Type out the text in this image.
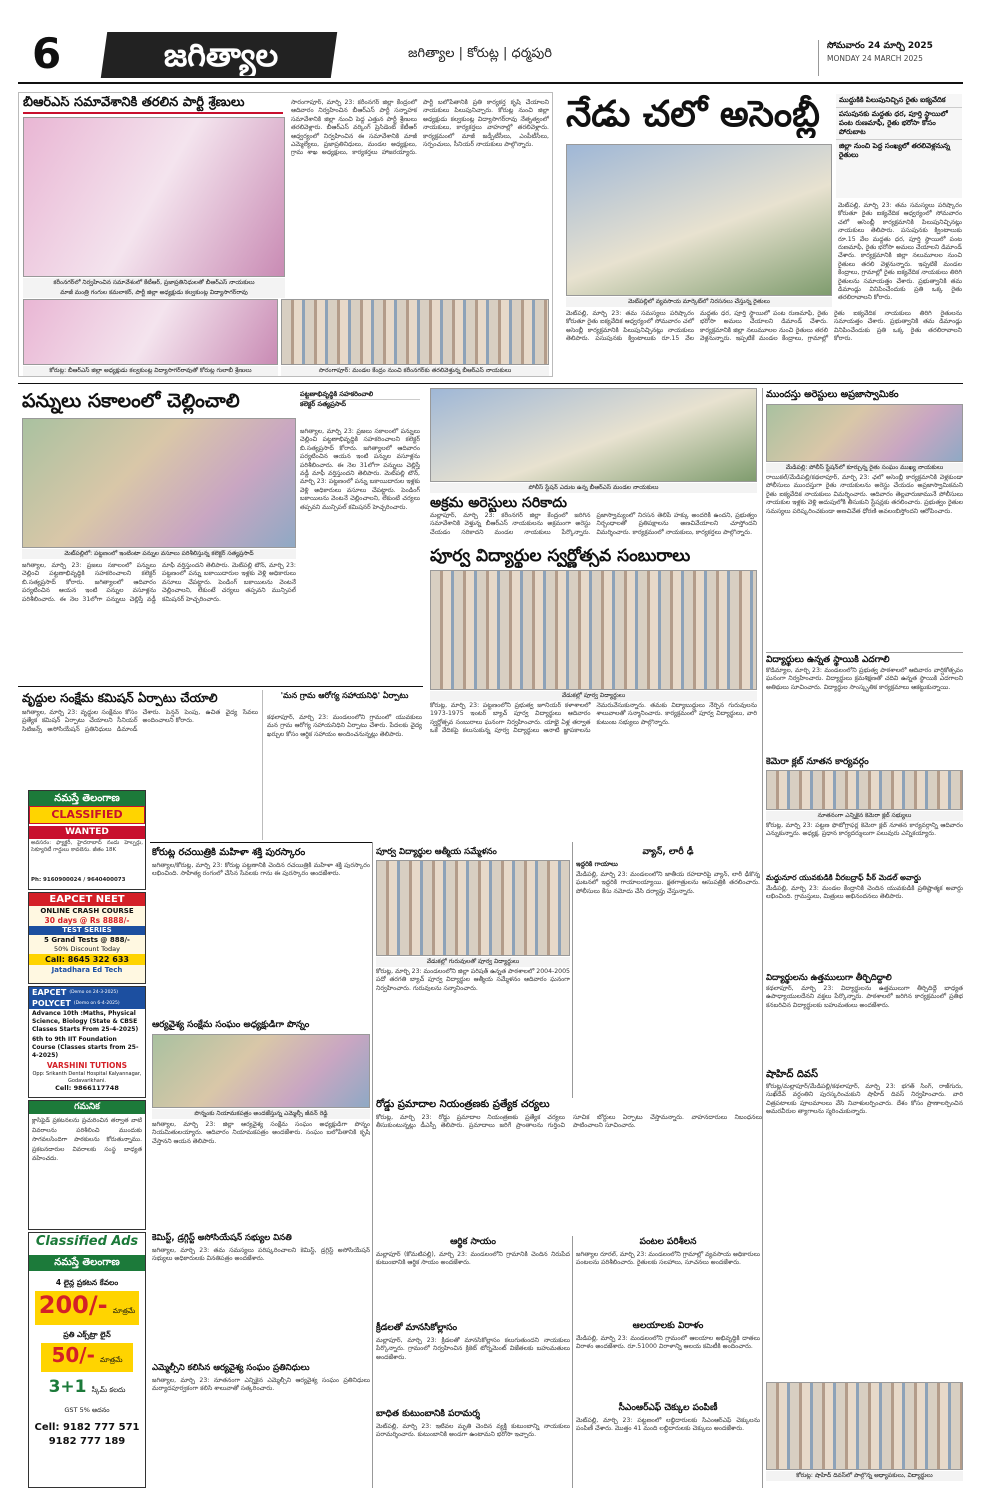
6	జగిత్యాల	జగిత్యాల | కోరుట్ల | ధర్మపురి	సోమవారం 24 మార్చి 2025
MONDAY 24 MARCH 2025
బీఆర్ఎస్ సమావేశానికి తరలిన పార్టీ శ్రేణులు
కరీంనగర్‌లో నిర్వహించిన సమావేశంలో కేటీఆర్, ప్రజాప్రతినిధులతో బీఆర్ఎస్ నాయకులు
మాజీ మంత్రి గంగుల కమలాకర్, పార్టీ జిల్లా అధ్యక్షుడు కల్వకుంట్ల విద్యాసాగర్‌రావు
కోరుట్ల: బీఆర్ఎస్ జిల్లా అధ్యక్షుడు కల్వకుంట్ల విద్యాసాగర్‌రావుతో కోరుట్ల గులాబీ శ్రేణులు	సారంగాపూర్: మండల కేంద్రం నుంచి కరీంనగర్‌కు తరలివెళ్తున్న బీఆర్ఎస్ నాయకులు
సారంగాపూర్, మార్చి 23: కరీంనగర్ జిల్లా కేంద్రంలో ఆదివారం నిర్వహించిన బీఆర్ఎస్ పార్టీ సన్నాహక సమావేశానికి జిల్లా నుంచి పెద్ద ఎత్తున పార్టీ శ్రేణులు తరలివెళ్లారు. బీఆర్ఎస్ వర్కింగ్ ప్రెసిడెంట్ కేటీఆర్ ఆధ్వర్యంలో నిర్వహించిన ఈ సమావేశానికి మాజీ ఎమ్మెల్యేలు, ప్రజాప్రతినిధులు, మండల అధ్యక్షులు, గ్రామ శాఖ అధ్యక్షులు, కార్యకర్తలు హాజరయ్యారు. పార్టీ బలోపేతానికి ప్రతి కార్యకర్త కృషి చేయాలని నాయకులు పిలుపునిచ్చారు. కోరుట్ల నుంచి జిల్లా అధ్యక్షుడు కల్వకుంట్ల విద్యాసాగర్‌రావు నేతృత్వంలో నాయకులు, కార్యకర్తలు వాహనాల్లో తరలివెళ్లారు. కార్యక్రమంలో మాజీ జడ్పీటీసీలు, ఎంపీటీసీలు, సర్పంచులు, సీనియర్ నాయకులు పాల్గొన్నారు.
నేడు చలో అసెంబ్లీ	ముద్దుకికి పిలుపునిచ్చిన రైతు ఐక్యవేదిక
పసుపునకు మద్దతు ధర, పూర్తి స్థాయిలో పంట రుణమాఫీ, రైతు భరోసా కోసం పోరుబాట
జిల్లా నుంచి పెద్ద సంఖ్యలో తరలివెళ్లనున్న రైతులు
మెట్‌పల్లిలో వ్యవసాయ మార్కెట్‌లో నిరసనలు చేస్తున్న రైతులు
మెట్‌పల్లి, మార్చి 23: తమ సమస్యలు పరిష్కారం కోరుతూ రైతు ఐక్యవేదిక ఆధ్వర్యంలో సోమవారం చలో అసెంబ్లీ కార్యక్రమానికి పిలుపునిచ్చినట్లు నాయకులు తెలిపారు. పసుపునకు క్వింటాలుకు రూ.15 వేల మద్దతు ధర, పూర్తి స్థాయిలో పంట రుణమాఫీ, రైతు భరోసా అమలు చేయాలని డిమాండ్ చేశారు. కార్యక్రమానికి జిల్లా నలుమూలల నుంచి రైతులు తరలి వెళ్లనున్నారు. ఇప్పటికే మండల కేంద్రాలు, గ్రామాల్లో రైతు ఐక్యవేదిక నాయకులు తిరిగి రైతులను సమాయత్తం చేశారు. ప్రభుత్వానికి తమ డిమాండ్లు వినిపించేందుకు ప్రతి ఒక్క రైతు తరలిరావాలని కోరారు.
మెట్‌పల్లి, మార్చి 23: తమ సమస్యలు పరిష్కారం కోరుతూ రైతు ఐక్యవేదిక ఆధ్వర్యంలో సోమవారం చలో అసెంబ్లీ కార్యక్రమానికి పిలుపునిచ్చినట్లు నాయకులు తెలిపారు. పసుపునకు క్వింటాలుకు రూ.15 వేల మద్దతు ధర, పూర్తి స్థాయిలో పంట రుణమాఫీ, రైతు భరోసా అమలు చేయాలని డిమాండ్ చేశారు. కార్యక్రమానికి జిల్లా నలుమూలల నుంచి రైతులు తరలి వెళ్లనున్నారు. ఇప్పటికే మండల కేంద్రాలు, గ్రామాల్లో రైతు ఐక్యవేదిక నాయకులు తిరిగి రైతులను సమాయత్తం చేశారు. ప్రభుత్వానికి తమ డిమాండ్లు వినిపించేందుకు ప్రతి ఒక్క రైతు తరలిరావాలని కోరారు.
పన్నులు సకాలంలో చెల్లించాలి	పట్టణాభివృద్ధికి సహకరించాలి
కలెక్టర్ సత్యప్రసాద్
మెట్‌పల్లిలో: పట్టణంలో ఇంటింటా పన్నుల వసూలు పరిశీలిస్తున్న కలెక్టర్ సత్యప్రసాద్
జగిత్యాల, మార్చి 23: ప్రజలు సకాలంలో పన్నులు చెల్లించి పట్టణాభివృద్ధికి సహకరించాలని కలెక్టర్ బి.సత్యప్రసాద్ కోరారు. జగిత్యాలలో ఆదివారం పర్యటించిన ఆయన ఇంటి పన్నుల వసూళ్లను పరిశీలించారు. ఈ నెల 31లోగా పన్నులు చెల్లిస్తే వడ్డీ మాఫీ వర్తిస్తుందని తెలిపారు. మెట్‌పల్లి టౌన్, మార్చి 23: పట్టణంలో పన్ను బకాయిదారుల ఇళ్లకు వెళ్లి అధికారులు వసూలు చేపట్టారు. పెండింగ్ బకాయిలను వెంటనే చెల్లించాలని, లేకుంటే చర్యలు తప్పవని మున్సిపల్ కమిషనర్ హెచ్చరించారు.
జగిత్యాల, మార్చి 23: ప్రజలు సకాలంలో పన్నులు చెల్లించి పట్టణాభివృద్ధికి సహకరించాలని కలెక్టర్ బి.సత్యప్రసాద్ కోరారు. జగిత్యాలలో ఆదివారం పర్యటించిన ఆయన ఇంటి పన్నుల వసూళ్లను పరిశీలించారు. ఈ నెల 31లోగా పన్నులు చెల్లిస్తే వడ్డీ మాఫీ వర్తిస్తుందని తెలిపారు. మెట్‌పల్లి టౌన్, మార్చి 23: పట్టణంలో పన్ను బకాయిదారుల ఇళ్లకు వెళ్లి అధికారులు వసూలు చేపట్టారు. పెండింగ్ బకాయిలను వెంటనే చెల్లించాలని, లేకుంటే చర్యలు తప్పవని మున్సిపల్ కమిషనర్ హెచ్చరించారు.
పోలీస్ స్టేషన్ ఎదుట ఉన్న బీఆర్ఎస్ మండల నాయకులు
అక్రమ అరెస్టులు సరికాదు
మల్లాపూర్, మార్చి 23: కరీంనగర్ జిల్లా కేంద్రంలో జరిగిన సమావేశానికి వెళ్తున్న బీఆర్ఎస్ నాయకులను అక్రమంగా అరెస్టు చేయడం సరికాదని మండల నాయకులు పేర్కొన్నారు. ప్రజాస్వామ్యంలో నిరసన తెలిపే హక్కు అందరికీ ఉందని, ప్రభుత్వం నిర్బంధాలతో ప్రతిపక్షాలను అణచివేయాలని చూస్తోందని విమర్శించారు. కార్యక్రమంలో నాయకులు, కార్యకర్తలు పాల్గొన్నారు.
పూర్వ విద్యార్థుల స్వర్ణోత్సవ సంబురాలు
వేడుకల్లో పూర్వ విద్యార్థులు
కోరుట్ల, మార్చి 23: పట్టణంలోని ప్రభుత్వ జూనియర్ కళాశాలలో 1973-1975 ఇంటర్ బ్యాచ్ పూర్వ విద్యార్థులు ఆదివారం స్వర్ణోత్సవ సంబురాలు ఘనంగా నిర్వహించారు. యాభై ఏళ్ల తర్వాత ఒకే వేదికపై కలుసుకున్న పూర్వ విద్యార్థులు ఆనాటి జ్ఞాపకాలను నెమరువేసుకున్నారు. తమకు విద్యాబుద్ధులు నేర్పిన గురువులను శాలువాలతో సన్మానించారు. కార్యక్రమంలో పూర్వ విద్యార్థులు, వారి కుటుంబ సభ్యులు పాల్గొన్నారు.
ముందస్తు అరెస్టులు అప్రజాస్వామికం
మేడిపల్లి: పోలీస్ స్టేషన్‌లో కూర్చున్న రైతు సంఘం ముఖ్య నాయకులు
రాయికల్/మేడిపల్లి/కథలాపూర్, మార్చి 23: ఛలో అసెంబ్లీ కార్యక్రమానికి వెళ్లకుండా పోలీసులు ముందస్తుగా రైతు నాయకులను అరెస్టు చేయడం అప్రజాస్వామికమని రైతు ఐక్యవేదిక నాయకులు విమర్శించారు. ఆదివారం తెల్లవారుజామునే పోలీసులు నాయకుల ఇళ్లకు వెళ్లి అదుపులోకి తీసుకుని స్టేషన్లకు తరలించారు. ప్రభుత్వం రైతుల సమస్యలు పరిష్కరించకుండా అణచివేత ధోరణి అవలంబిస్తోందని ఆరోపించారు.
విద్యార్థులు ఉన్నత స్థాయికి ఎదగాలి
కొడిమ్యాల, మార్చి 23: మండలంలోని ప్రభుత్వ పాఠశాలలో ఆదివారం వార్షికోత్సవం ఘనంగా నిర్వహించారు. విద్యార్థులు క్రమశిక్షణతో చదివి ఉన్నత స్థాయికి ఎదగాలని అతిథులు సూచించారు. విద్యార్థుల సాంస్కృతిక కార్యక్రమాలు ఆకట్టుకున్నాయి.
కెమెరా క్లబ్ నూతన కార్యవర్గం
నూతనంగా ఎన్నికైన కెమెరా క్లబ్ సభ్యులు
కోరుట్ల, మార్చి 23: పట్టణ ఫొటోగ్రాఫర్ల కెమెరా క్లబ్ నూతన కార్యవర్గాన్ని ఆదివారం ఎన్నుకున్నారు. అధ్యక్ష, ప్రధాన కార్యదర్శులుగా పలువురు ఎన్నికయ్యారు.
మద్దునూర యువకుడికి వీరబద్రాఫ్ పీఠ్ మెడల్ అవార్డు
మేడిపల్లి, మార్చి 23: మండల కేంద్రానికి చెందిన యువకుడికి ప్రతిష్టాత్మక అవార్డు లభించింది. గ్రామస్తులు, మిత్రులు అభినందనలు తెలిపారు.
విద్యార్థులను ఉత్తములుగా తీర్చిదిద్దాలి
కథలాపూర్, మార్చి 23: విద్యార్థులను ఉత్తములుగా తీర్చిదిద్దే బాధ్యత ఉపాధ్యాయులదేనని వక్తలు పేర్కొన్నారు. పాఠశాలలో జరిగిన కార్యక్రమంలో ప్రతిభ కనబరిచిన విద్యార్థులకు బహుమతులు అందజేశారు.
షాహిద్ దివస్
కోరుట్ల/మల్లాపూర్/మేడిపల్లి/కథలాపూర్, మార్చి 23: భగత్ సింగ్, రాజ్‌గురు, సుఖ్‌దేవ్ వర్ధంతిని పురస్కరించుకుని షాహిద్ దివస్ నిర్వహించారు. వారి చిత్రపటాలకు పూలమాలలు వేసి నివాళులర్పించారు. దేశం కోసం ప్రాణాలర్పించిన అమరవీరుల త్యాగాలను స్మరించుకున్నారు.
కోరుట్ల: షాహిద్ దివస్‌లో పాల్గొన్న అధ్యాపకులు, విద్యార్థులు
వృద్ధుల సంక్షేమ కమిషన్ ఏర్పాటు చేయాలి
జగిత్యాల, మార్చి 23: వృద్ధుల సంక్షేమం కోసం ప్రత్యేక కమిషన్ ఏర్పాటు చేయాలని సీనియర్ సిటిజన్స్ అసోసియేషన్ ప్రతినిధులు డిమాండ్ చేశారు. పెన్షన్ పెంపు, ఉచిత వైద్య సేవలు అందించాలని కోరారు.
'మన గ్రామ ఆరోగ్య సహాయనిధి' ఏర్పాటు
కథలాపూర్, మార్చి 23: మండలంలోని గ్రామంలో యువకులు మన గ్రామ ఆరోగ్య సహాయనిధిని ఏర్పాటు చేశారు. పేదలకు వైద్య ఖర్చుల కోసం ఆర్థిక సహాయం అందించనున్నట్లు తెలిపారు.
నమస్తే తెలంగాణ
CLASSIFIED
WANTED
అవసరం: ఫ్యాక్టరీ, హైదరాబాద్ నందు హెల్పర్లు, సెక్యూరిటీ గార్డులు కావలెను. జీతం 18K
Ph: 9160900024 / 9640400073
EAPCET NEET
ONLINE CRASH COURSE
30 days @ Rs 8888/-
TEST SERIES
5 Grand Tests @ 888/-
50% Discount Today
Call: 8645 322 633
Jatadhara Ed Tech
EAPCET (Demo on 24-3-2025)
POLYCET (Demo on 6-4-2025)
Advance 10th :Maths, Physical Science, Biology (State & CBSE Classes Starts From 25-4-2025)
6th to 9th IIT Foundation Course (Classes starts from 25-4-2025)
VARSHINI TUTIONS
Opp: Srikanth Dental Hospital Kalyannagar, Godavarikhani.
Cell: 9866117748
గమనిక
క్లాసిఫైడ్ ప్రకటనలను ప్రచురించిన తర్వాత వాటి వివరాలను పరిశీలించి ముందుకు సాగవలసిందిగా పాఠకులను కోరుతున్నాము. ప్రకటనదారుల వివరాలకు సంస్థ బాధ్యత వహించదు.
Classified Ads
నమస్తే తెలంగాణ
4 లైన్ల ప్రకటన కేవలం
200/- మాత్రమే
ప్రతి ఎక్స్‌ట్రా లైన్
50/- మాత్రమే
3+1 స్కీమ్ కలదు
GST 5% అదనం
Cell: 9182 777 571
9182 777 189
కోరుట్ల రచయిత్రికి మహిళా శక్తి పురస్కారం
జగిత్యాల/కోరుట్ల, మార్చి 23: కోరుట్ల పట్టణానికి చెందిన రచయిత్రికి మహిళా శక్తి పురస్కారం లభించింది. సాహిత్య రంగంలో చేసిన సేవలకు గాను ఈ పురస్కారం అందజేశారు.
ఆర్యవైశ్య సంక్షేమ సంఘం అధ్యక్షుడిగా పొన్నం
పొన్నంకు నియామకపత్రం అందజేస్తున్న ఎమ్మెల్సీ జీవన్ రెడ్డి
జగిత్యాల, మార్చి 23: జిల్లా ఆర్యవైశ్య సంక్షేమ సంఘం అధ్యక్షుడిగా పొన్నం నియమితులయ్యారు. ఆదివారం నియామకపత్రం అందజేశారు. సంఘం బలోపేతానికి కృషి చేస్తానని ఆయన తెలిపారు.
కెమిస్ట్, డ్రగ్గిస్ట్ అసోసియేషన్ సభ్యుల వినతి
జగిత్యాల, మార్చి 23: తమ సమస్యలు పరిష్కరించాలని కెమిస్ట్, డ్రగ్గిస్ట్ అసోసియేషన్ సభ్యులు అధికారులకు వినతిపత్రం అందజేశారు.
ఎమ్మెల్సీని కలిసిన ఆర్యవైశ్య సంఘం ప్రతినిధులు
జగిత్యాల, మార్చి 23: నూతనంగా ఎన్నికైన ఎమ్మెల్సీని ఆర్యవైశ్య సంఘం ప్రతినిధులు మర్యాదపూర్వకంగా కలిసి శాలువాతో సత్కరించారు.
పూర్వ విద్యార్థుల ఆత్మీయ సమ్మేళనం
వేడుకల్లో గురువులతో పూర్వ విద్యార్థులు
కోరుట్ల, మార్చి 23: మండలంలోని జిల్లా పరిషత్ ఉన్నత పాఠశాలలో 2004-2005 పదో తరగతి బ్యాచ్ పూర్వ విద్యార్థుల ఆత్మీయ సమ్మేళనం ఆదివారం ఘనంగా నిర్వహించారు. గురువులను సన్మానించారు.
రోడ్డు ప్రమాదాల నియంత్రణకు ప్రత్యేక చర్యలు
కోరుట్ల, మార్చి 23: రోడ్డు ప్రమాదాల నియంత్రణకు ప్రత్యేక చర్యలు తీసుకుంటున్నట్లు డీఎస్పీ తెలిపారు. ప్రమాదాలు జరిగే ప్రాంతాలను గుర్తించి సూచిక బోర్డులు ఏర్పాటు చేస్తామన్నారు. వాహనదారులు నిబంధనలు పాటించాలని సూచించారు.
ఆర్థిక సాయం
మల్లాపూర్ (కోమటిపల్లి), మార్చి 23: మండలంలోని గ్రామానికి చెందిన నిరుపేద కుటుంబానికి ఆర్థిక సాయం అందజేశారు.
క్రీడలతో మానసికోల్లాసం
మల్లాపూర్, మార్చి 23: క్రీడలతో మానసికోల్లాసం కలుగుతుందని నాయకులు పేర్కొన్నారు. గ్రామంలో నిర్వహించిన క్రికెట్ టోర్నమెంట్ విజేతలకు బహుమతులు అందజేశారు.
బాధిత కుటుంబానికి పరామర్శ
మెట్‌పల్లి, మార్చి 23: ఇటీవల మృతి చెందిన వ్యక్తి కుటుంబాన్ని నాయకులు పరామర్శించారు. కుటుంబానికి అండగా ఉంటామని భరోసా ఇచ్చారు.
వ్యాన్, లారీ ఢీ
ఇద్దరికి గాయాలు
మేడిపల్లి, మార్చి 23: మండలంలోని జాతీయ రహదారిపై వ్యాన్, లారీ ఢీకొన్న ఘటనలో ఇద్దరికి గాయాలయ్యాయి. క్షతగాత్రులను ఆసుపత్రికి తరలించారు. పోలీసులు కేసు నమోదు చేసి దర్యాప్తు చేస్తున్నారు.
పంటల పరిశీలన
జగిత్యాల రూరల్, మార్చి 23: మండలంలోని గ్రామాల్లో వ్యవసాయ అధికారులు పంటలను పరిశీలించారు. రైతులకు సలహాలు, సూచనలు అందజేశారు.
ఆలయాలకు విరాళం
మేడిపల్లి, మార్చి 23: మండలంలోని గ్రామంలో ఆలయాల అభివృద్ధికి దాతలు విరాళం అందజేశారు. రూ.51000 విరాళాన్ని ఆలయ కమిటీకి అందించారు.
సీఎంఆర్ఎఫ్ చెక్కుల పంపిణీ
మెట్‌పల్లి, మార్చి 23: పట్టణంలో లబ్ధిదారులకు సీఎంఆర్ఎఫ్ చెక్కులను పంపిణీ చేశారు. మొత్తం 41 మంది లబ్ధిదారులకు చెక్కులు అందజేశారు.
